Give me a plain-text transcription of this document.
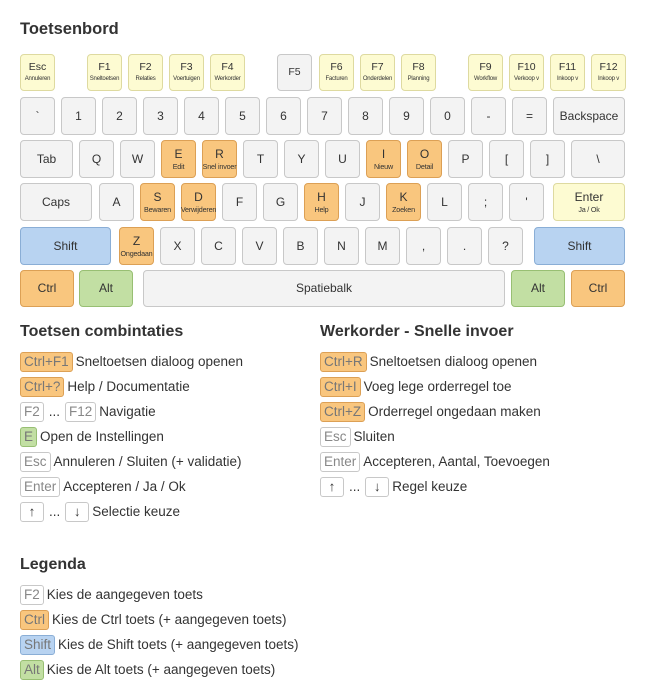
Toetsenbord
Esc
Annuleren
F1
Sneltoetsen
F2
Relaties
F3
Voertuigen
F4
Werkorder
F5	F6
Facturen
F7
Onderdelen
F8
Planning
F9
Workflow
F10
Verkoop v
F11
Inkoop v
F12
Inkoop v
`	1	2	3	4	5	6	7	8	9	0	-	= Backspace
Tab	Q	W	E
Edit
R
Snel invoer
T	Y	U	I
Nieuw
O
Detail
P	[	]	\
Caps	A	S
Bewaren
D
Verwijderen
F	G	H
Help
J	K
Zoeken
L	;	'	Enter
Ja / Ok
Shift	Z
Ongedaan
X	C	V	B	N	M	,	.	?	Shift
Ctrl	Alt	Spatiebalk	Alt	Ctrl
Toetsen combintaties
Ctrl+F1 Sneltoetsen dialoog openen
Ctrl+? Help / Documentatie
F2 ... F12 Navigatie
E Open de Instellingen
Esc Annuleren / Sluiten (+ validatie)
Enter Accepteren / Ja / Ok
↑	...	↓ Selectie keuze
Werkorder - Snelle invoer
Ctrl+R Sneltoetsen dialoog openen
Ctrl+I Voeg lege orderregel toe
Ctrl+Z Orderregel ongedaan maken
Esc Sluiten
Enter Accepteren, Aantal, Toevoegen
↑	...	↓ Regel keuze
Legenda
F2 Kies de aangegeven toets
Ctrl Kies de Ctrl toets (+ aangegeven toets)
Shift Kies de Shift toets (+ aangegeven toets)
Alt Kies de Alt toets (+ aangegeven toets)
